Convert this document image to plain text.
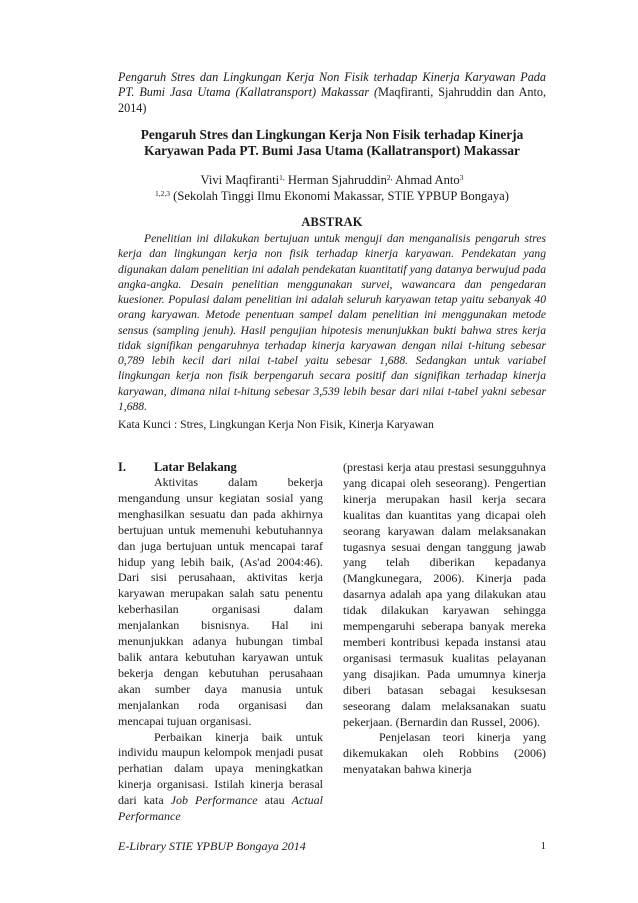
Pengaruh Stres dan Lingkungan Kerja Non Fisik terhadap Kinerja Karyawan Pada PT. Bumi Jasa Utama (Kallatransport) Makassar (Maqfiranti, Sjahruddin dan Anto, 2014)
Pengaruh Stres dan Lingkungan Kerja Non Fisik terhadap Kinerja
Karyawan Pada PT. Bumi Jasa Utama (Kallatransport) Makassar
Vivi Maqfiranti$^{1,}$ Herman Sjahruddin$^{2,}$ Ahmad Anto$^3$
$^{1,2,3}$ (Sekolah Tinggi Ilmu Ekonomi Makassar, STIE YPBUP Bongaya)
ABSTRAK

Penelitian ini dilakukan bertujuan untuk menguji dan menganalisis pengaruh stres kerja dan lingkungan kerja non fisik terhadap kinerja karyawan. Pendekatan yang digunakan dalam penelitian ini adalah pendekatan kuantitatif yang datanya berwujud pada angka-angka. Desain penelitian menggunakan survei, wawancara dan pengedaran kuesioner. Populasi dalam penelitian ini adalah seluruh karyawan tetap yaitu sebanyak 40 orang karyawan. Metode penentuan sampel dalam penelitian ini menggunakan metode sensus (sampling jenuh). Hasil pengujian hipotesis menunjukkan bukti bahwa stres kerja tidak signifikan pengaruhnya terhadap kinerja karyawan dengan nilai t-hitung sebesar 0,789 lebih kecil dari nilai t-tabel yaitu sebesar 1,688. Sedangkan untuk variabel lingkungan kerja non fisik berpengaruh secara positif dan signifikan terhadap kinerja karyawan, dimana nilai t-hitung sebesar 3,539 lebih besar dari nilai t-tabel yakni sebesar 1,688.

Kata Kunci : Stres, Lingkungan Kerja Non Fisik, Kinerja Karyawan
I.	Latar Belakang

Aktivitas dalam bekerja mengandung unsur kegiatan sosial yang menghasilkan sesuatu dan pada akhirnya bertujuan untuk memenuhi kebutuhannya dan juga bertujuan untuk mencapai taraf hidup yang lebih baik, (As'ad 2004:46). Dari sisi perusahaan, aktivitas kerja karyawan merupakan salah satu penentu keberhasilan organisasi dalam menjalankan bisnisnya. Hal ini menunjukkan adanya hubungan timbal balik antara kebutuhan karyawan untuk bekerja dengan kebutuhan perusahaan akan sumber daya manusia untuk menjalankan roda organisasi dan mencapai tujuan organisasi.

Perbaikan kinerja baik untuk individu maupun kelompok menjadi pusat perhatian dalam upaya meningkatkan kinerja organisasi. Istilah kinerja berasal dari kata Job Performance atau Actual Performance

(prestasi kerja atau prestasi sesungguhnya yang dicapai oleh seseorang). Pengertian kinerja merupakan hasil kerja secara kualitas dan kuantitas yang dicapai oleh seorang karyawan dalam melaksanakan tugasnya sesuai dengan tanggung jawab yang telah diberikan kepadanya (Mangkunegara, 2006). Kinerja pada dasarnya adalah apa yang dilakukan atau tidak dilakukan karyawan sehingga mempengaruhi seberapa banyak mereka memberi kontribusi kepada instansi atau organisasi termasuk kualitas pelayanan yang disajikan. Pada umumnya kinerja diberi batasan sebagai kesuksesan seseorang dalam melaksanakan suatu pekerjaan. (Bernardin dan Russel, 2006).

Penjelasan teori kinerja yang dikemukakan oleh Robbins (2006) menyatakan bahwa kinerja

E-Library STIE YPBUP Bongaya 2014	1
